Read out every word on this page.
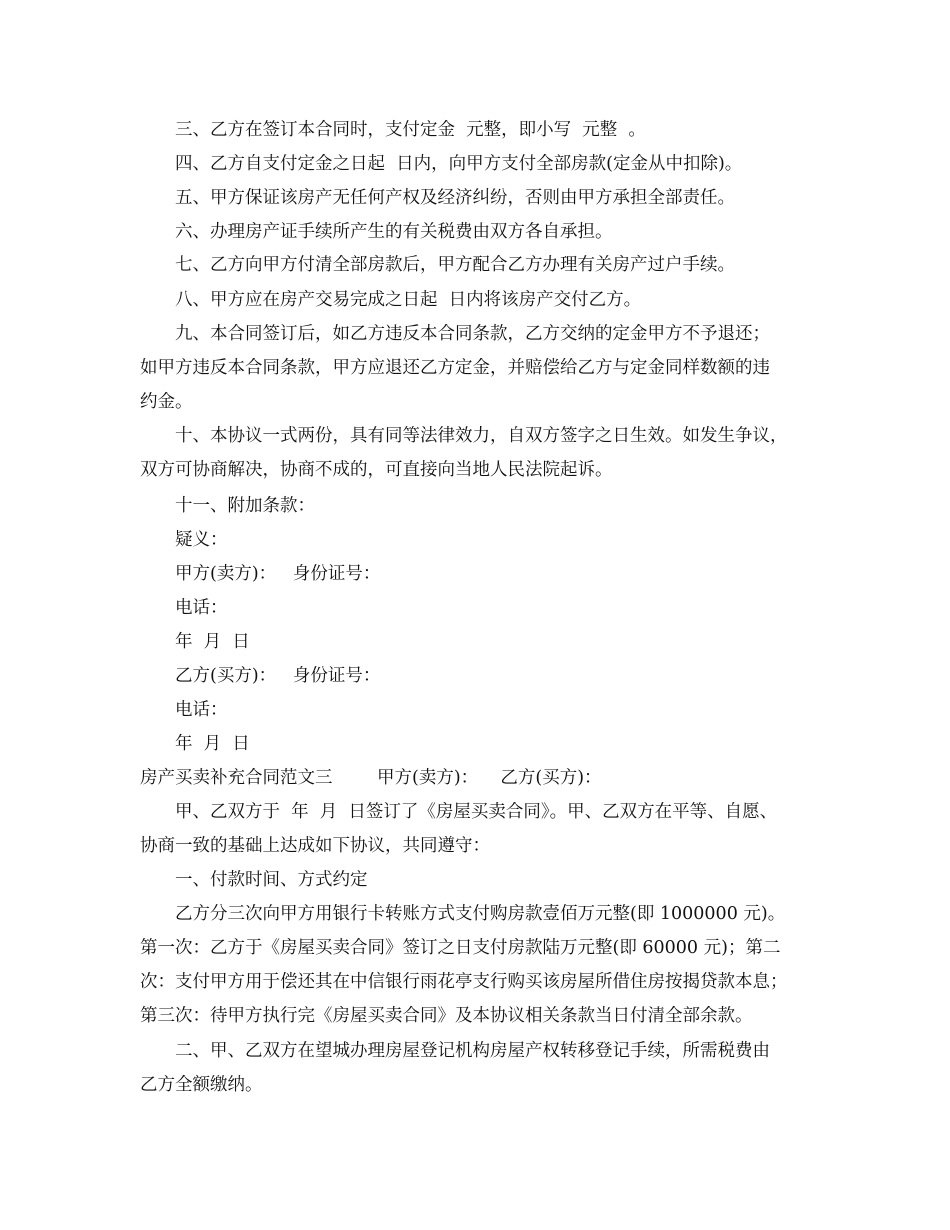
三、乙方在签订本合同时，支付定金  元整，即小写  元整  。
四、乙方自支付定金之日起  日内，向甲方支付全部房款(定金从中扣除)。
五、甲方保证该房产无任何产权及经济纠纷，否则由甲方承担全部责任。
六、办理房产证手续所产生的有关税费由双方各自承担。
七、乙方向甲方付清全部房款后，甲方配合乙方办理有关房产过户手续。
八、甲方应在房产交易完成之日起  日内将该房产交付乙方。
九、本合同签订后，如乙方违反本合同条款，乙方交纳的定金甲方不予退还；
如甲方违反本合同条款，甲方应退还乙方定金，并赔偿给乙方与定金同样数额的违
约金。
十、本协议一式两份，具有同等法律效力，自双方签字之日生效。如发生争议，
双方可协商解决，协商不成的，可直接向当地人民法院起诉。
十一、附加条款：
疑义：
甲方(卖方)：   身份证号：
电话：
年  月  日
乙方(买方)：   身份证号：
电话：
年  月  日
房产买卖补充合同范文三        甲方(卖方)：    乙方(买方)：
甲、乙双方于  年  月  日签订了《房屋买卖合同》。甲、乙双方在平等、自愿、
协商一致的基础上达成如下协议，共同遵守：
一、付款时间、方式约定
乙方分三次向甲方用银行卡转账方式支付购房款壹佰万元整(即 1000000 元)。
第一次：乙方于《房屋买卖合同》签订之日支付房款陆万元整(即 60000 元)；第二
次：支付甲方用于偿还其在中信银行雨花亭支行购买该房屋所借住房按揭贷款本息；
第三次：待甲方执行完《房屋买卖合同》及本协议相关条款当日付清全部余款。
二、甲、乙双方在望城办理房屋登记机构房屋产权转移登记手续，所需税费由
乙方全额缴纳。
